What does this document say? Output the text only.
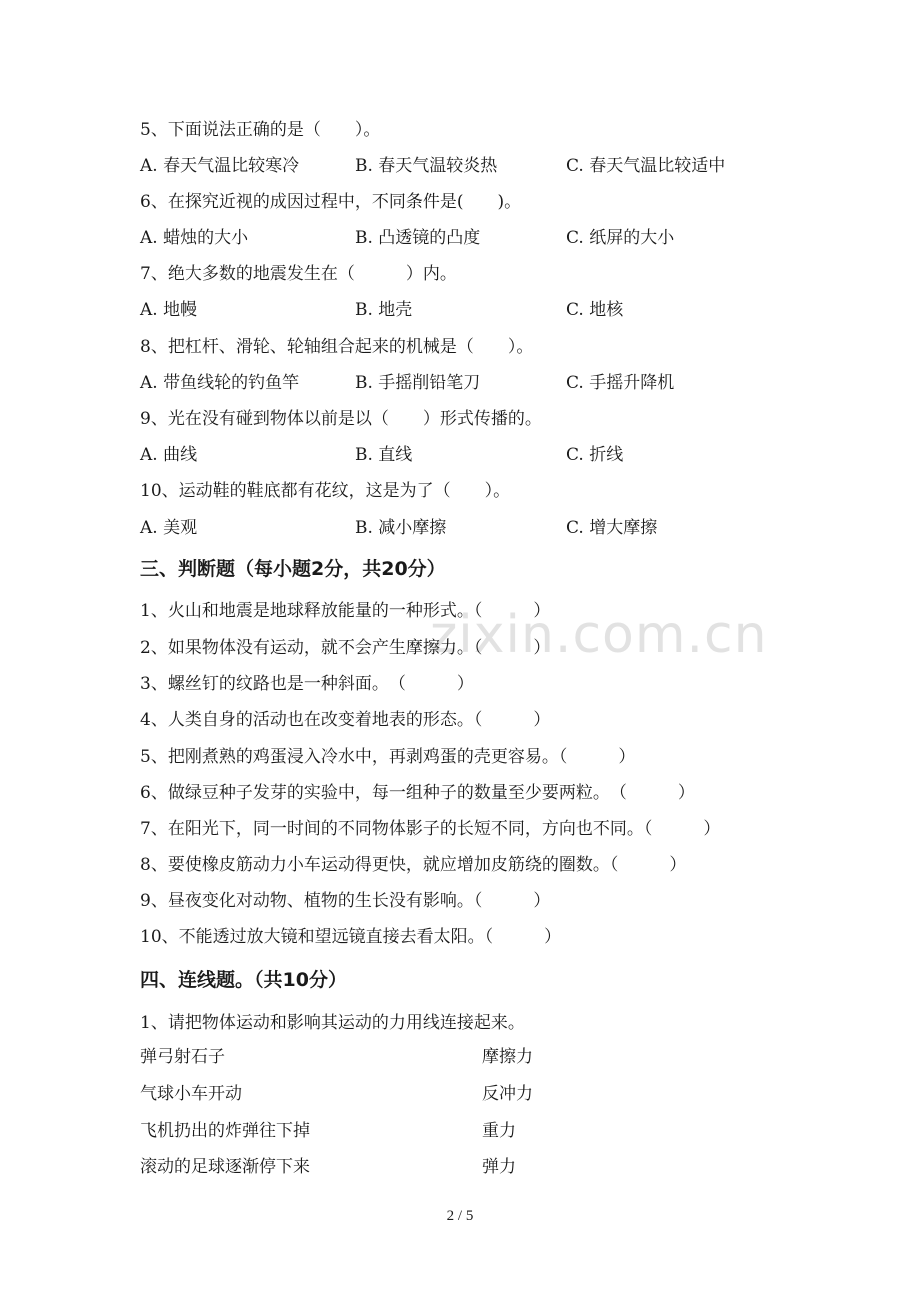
5、下面说法正确的是（　　）。
A. 春天气温比较寒冷	B. 春天气温较炎热	C. 春天气温比较适中
6、在探究近视的成因过程中，不同条件是(　　)。
A. 蜡烛的大小	B. 凸透镜的凸度	C. 纸屏的大小
7、绝大多数的地震发生在（　　　）内。
A. 地幔	B. 地壳	C. 地核
8、把杠杆、滑轮、轮轴组合起来的机械是（　　）。
A. 带鱼线轮的钓鱼竿	B. 手摇削铅笔刀	C. 手摇升降机
9、光在没有碰到物体以前是以（　　）形式传播的。
A. 曲线	B. 直线	C. 折线
10、运动鞋的鞋底都有花纹，这是为了（　　）。
A. 美观	B. 减小摩擦	C. 增大摩擦
三、判断题（每小题2分，共20分）
zixin.com.cn
1、火山和地震是地球释放能量的一种形式。（　　　）
2、如果物体没有运动，就不会产生摩擦力。（　　　）
3、螺丝钉的纹路也是一种斜面。　（　　　）
4、人类自身的活动也在改变着地表的形态。（　　　）
5、把刚煮熟的鸡蛋浸入冷水中，再剥鸡蛋的壳更容易。（　　　）
6、做绿豆种子发芽的实验中，每一组种子的数量至少要两粒。　（　　　）
7、在阳光下，同一时间的不同物体影子的长短不同，方向也不同。（　　　）
8、要使橡皮筋动力小车运动得更快，就应增加皮筋绕的圈数。（　　　）
9、昼夜变化对动物、植物的生长没有影响。（　　　）
10、不能透过放大镜和望远镜直接去看太阳。（　　　）
四、连线题。（共10分）
1、请把物体运动和影响其运动的力用线连接起来。
弹弓射石子	摩擦力
气球小车开动	反冲力
飞机扔出的炸弹往下掉	重力
滚动的足球逐渐停下来	弹力
2 / 5
